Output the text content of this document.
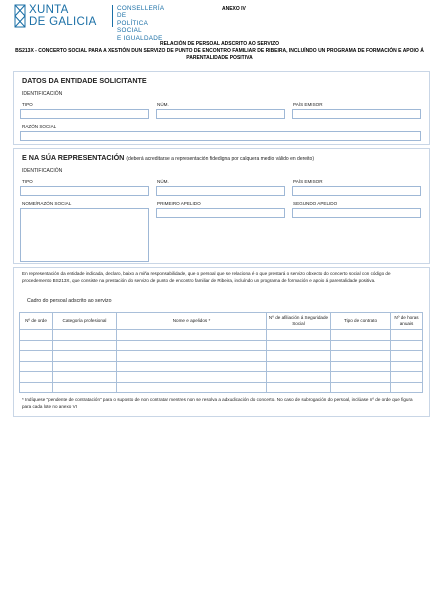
XUNTA
DE GALICIA
CONSELLERÍA DE
POLÍTICA SOCIAL
E IGUALDADE
ANEXO IV
RELACIÓN DE PERSOAL ADSCRITO AO SERVIZO
BS213X - CONCERTO SOCIAL PARA A XESTIÓN DUN SERVIZO DE PUNTO DE ENCONTRO FAMILIAR DE RIBEIRA, INCLUÍNDO UN PROGRAMA DE FORMACIÓN E APOIO Á PARENTALIDADE POSITIVA
DATOS DA ENTIDADE SOLICITANTE
IDENTIFICACIÓN
TIPO	NÚM.	PAÍS EMISOR
RAZÓN SOCIAL
E NA SÚA REPRESENTACIÓN (deberá acreditarse a representación fidedigna por calquera medio válido en dereito)
IDENTIFICACIÓN
TIPO	NÚM.	PAÍS EMISOR
NOME/RAZÓN SOCIAL	PRIMEIRO APELIDO	SEGUNDO APELIDO
En representación da entidade indicada, declaro, baixo a miña responsabilidade, que o persoal que se relaciona é o que prestará o servizo obxecto do concerto social con código de procedemento BS213X, que consiste na prestación do servizo de punto de encontro familiar de Ribeira, incluíndo un programa de formación e apoio á parentalidade positiva.
Cadro do persoal adscrito ao servizo
Nº de orde	Categoría profesional	Nome e apelidos *	Nº de afiliación á Seguridade Social	Tipo de contrato	Nº de horas anuais

* Indíquese "pendente de contratación" para o suposto de non contratar mentres non se resolva a adxudicación do concerto. No caso de subrogación do persoal, inclúase nº de orde que figura para cada lote no anexo VI
